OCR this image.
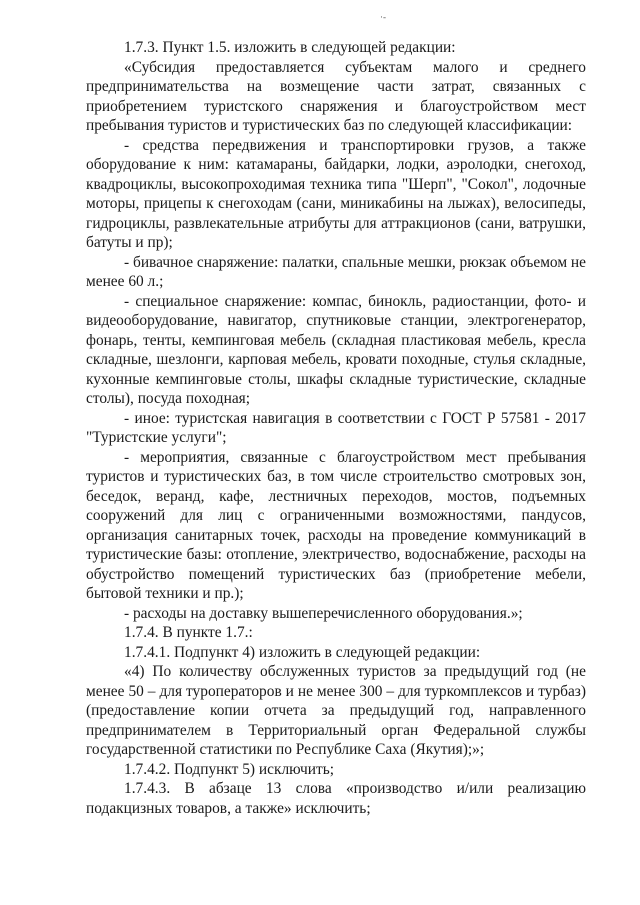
·-

1.7.3. Пункт 1.5. изложить в следующей редакции:

«Субсидия предоставляется субъектам малого и среднего предпринимательства на возмещение части затрат, связанных с приобретением туристского снаряжения и благоустройством мест пребывания туристов и туристических баз по следующей классификации:

- средства передвижения и транспортировки грузов, а также оборудование к ним: катамараны, байдарки, лодки, аэролодки, снегоход, квадроциклы, высокопроходимая техника типа "Шерп", "Сокол", лодочные моторы, прицепы к снегоходам (сани, миникабины на лыжах), велосипеды, гидроциклы, развлекательные атрибуты для аттракционов (сани, ватрушки, батуты и пр);

- бивачное снаряжение: палатки, спальные мешки, рюкзак объемом не менее 60 л.;

- специальное снаряжение: компас, бинокль, радиостанции, фото- и видеооборудование, навигатор, спутниковые станции, электрогенератор, фонарь, тенты, кемпинговая мебель (складная пластиковая мебель, кресла складные, шезлонги, карповая мебель, кровати походные, стулья складные, кухонные кемпинговые столы, шкафы складные туристические, складные столы), посуда походная;

- иное: туристская навигация в соответствии с ГОСТ Р 57581 - 2017 "Туристские услуги";

- мероприятия, связанные с благоустройством мест пребывания туристов и туристических баз, в том числе строительство смотровых зон, беседок, веранд, кафе, лестничных переходов, мостов, подъемных сооружений для лиц с ограниченными возможностями, пандусов, организация санитарных точек, расходы на проведение коммуникаций в туристические базы: отопление, электричество, водоснабжение, расходы на обустройство помещений туристических баз (приобретение мебели, бытовой техники и пр.);

- расходы на доставку вышеперечисленного оборудования.»;

1.7.4. В пункте 1.7.:

1.7.4.1. Подпункт 4) изложить в следующей редакции:

«4) По количеству обслуженных туристов за предыдущий год (не менее 50 – для туроператоров и не менее 300 – для туркомплексов и турбаз) (предоставление копии отчета за предыдущий год, направленного предпринимателем в Территориальный орган Федеральной службы государственной статистики по Республике Саха (Якутия);»;

1.7.4.2. Подпункт 5) исключить;

1.7.4.3. В абзаце 13 слова «производство и/или реализацию подакцизных товаров, а также» исключить;
